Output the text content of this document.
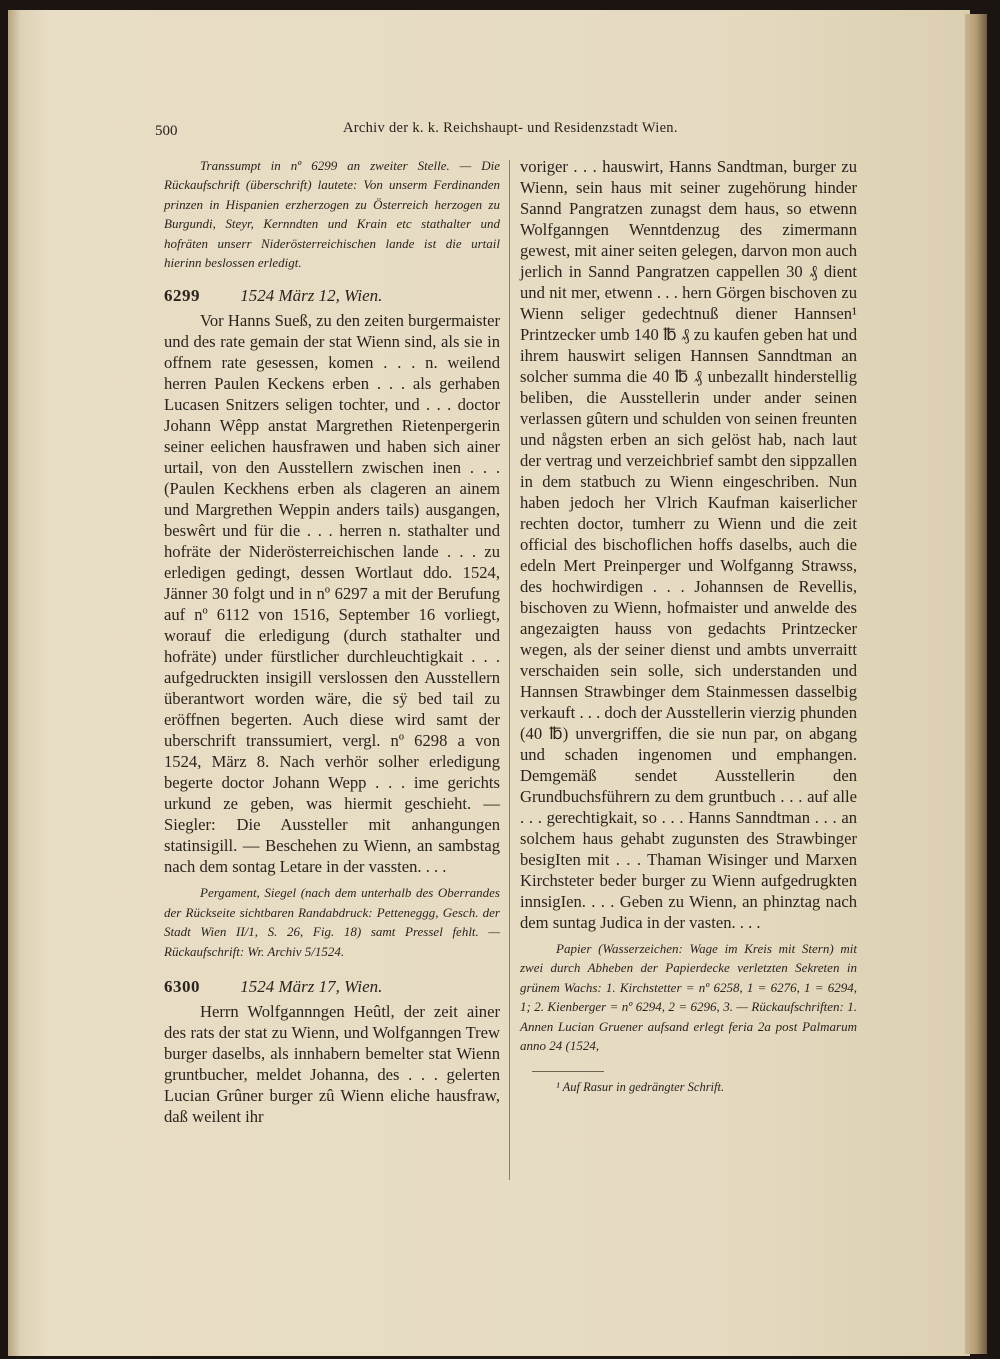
500	Archiv der k. k. Reichshaupt- und Residenzstadt Wien.

Transsumpt in nº 6299 an zweiter Stelle. — Die Rückaufschrift (überschrift) lautete: Von unserm Ferdinanden prinzen in Hispanien erzherzogen zu Österreich herzogen zu Burgundi, Steyr, Kernndten und Krain etc stathalter und hofräten unserr Niderösterreichischen lande ist die urtail hierinn beslossen erledigt.

6299 1524 März 12, Wien.

Vor Hanns Sueß, zu den zeiten burgermaister und des rate gemain der stat Wienn sind, als sie in offnem rate gesessen, komen . . . n. weilend herren Paulen Keckens erben . . . als gerhaben Lucasen Snitzers seligen tochter, und . . . doctor Johann Wêpp anstat Margrethen Rietenpergerin seiner eelichen hausfrawen und haben sich ainer urtail, von den Ausstellern zwischen inen . . . (Paulen Keckhens erben als clageren an ainem und Margrethen Weppin anders tails) ausgangen, beswêrt und für die . . . herren n. stathalter und hofräte der Niderösterreichischen lande . . . zu erledigen gedingt, dessen Wortlaut ddo. 1524, Jänner 30 folgt und in nº 6297 a mit der Berufung auf nº 6112 von 1516, September 16 vorliegt, worauf die erledigung (durch stathalter und hofräte) under fürstlicher durchleuchtigkait . . . aufgedruckten insigill verslossen den Ausstellern überantwort worden wäre, die sÿ bed tail zu eröffnen begerten. Auch diese wird samt der uberschrift transsumiert, vergl. nº 6298 a von 1524, März 8. Nach verhör solher erledigung begerte doctor Johann Wepp . . . ime gerichts urkund ze geben, was hiermit geschieht. — Siegler: Die Aussteller mit anhangungen statinsigill. — Beschehen zu Wienn, an sambstag nach dem sontag Letare in der vassten. . . .

Pergament, Siegel (nach dem unterhalb des Oberrandes der Rückseite sichtbaren Randabdruck: Petteneggg, Gesch. der Stadt Wien II/1, S. 26, Fig. 18) samt Pressel fehlt. — Rückaufschrift: Wr. Archiv 5/1524.

6300 1524 März 17, Wien.

Herrn Wolfgannngen Heûtl, der zeit ainer des rats der stat zu Wienn, und Wolfganngen Trew burger daselbs, als innhabern bemelter stat Wienn gruntbucher, meldet Johanna, des . . . gelerten Lucian Grûner burger zû Wienn eliche hausfraw, daß weilent ihr

voriger . . . hauswirt, Hanns Sandtman, burger zu Wienn, sein haus mit seiner zugehörung hinder Sannd Pangratzen zunagst dem haus, so etwenn Wolfganngen Wenntdenzug des zimermann gewest, mit ainer seiten gelegen, darvon mon auch jerlich in Sannd Pangratzen cappellen 30 ₰ dient und nit mer, etwenn . . . hern Görgen bischoven zu Wienn seliger gedechtnuß diener Hannsen¹ Printzecker umb 140 ℔ ₰ zu kaufen geben hat und ihrem hauswirt seligen Hannsen Sanndtman an solcher summa die 40 ℔ ₰ unbezallt hinderstellig beliben, die Ausstellerin under ander seinen verlassen gûtern und schulden von seinen freunten und någsten erben an sich gelöst hab, nach laut der vertrag und verzeichbrief sambt den sippzallen in dem statbuch zu Wienn eingeschriben. Nun haben jedoch her Vlrich Kaufman kaiserlicher rechten doctor, tumherr zu Wienn und die zeit official des bischoflichen hoffs daselbs, auch die edeln Mert Preinperger und Wolfganng Strawss, des hochwirdigen . . . Johannsen de Revellis, bischoven zu Wienn, hofmaister und anwelde des angezaigten hauss von gedachts Printzecker wegen, als der seiner dienst und ambts unverraitt verschaiden sein solle, sich understanden und Hannsen Strawbinger dem Stainmessen dasselbig verkauft . . . doch der Ausstellerin vierzig phunden (40 ℔) unvergriffen, die sie nun par, on abgang und schaden ingenomen und emphangen. Demgemäß sendet Ausstellerin den Grundbuchsführern zu dem gruntbuch . . . auf alle . . . gerechtigkait, so . . . Hanns Sanndtman . . . an solchem haus gehabt zugunsten des Strawbinger besigIten mit . . . Thaman Wisinger und Marxen Kirchsteter beder burger zu Wienn aufgedrugkten innsigIen. . . . Geben zu Wienn, an phinztag nach dem suntag Judica in der vasten. . . .

Papier (Wasserzeichen: Wage im Kreis mit Stern) mit zwei durch Abheben der Papierdecke verletzten Sekreten in grünem Wachs: 1. Kirchstetter = nº 6258, 1 = 6276, 1 = 6294, 1; 2. Kienberger = nº 6294, 2 = 6296, 3. — Rückaufschriften: 1. Annen Lucian Gruener aufsand erlegt feria 2a post Palmarum anno 24 (1524,

¹ Auf Rasur in gedrängter Schrift.
